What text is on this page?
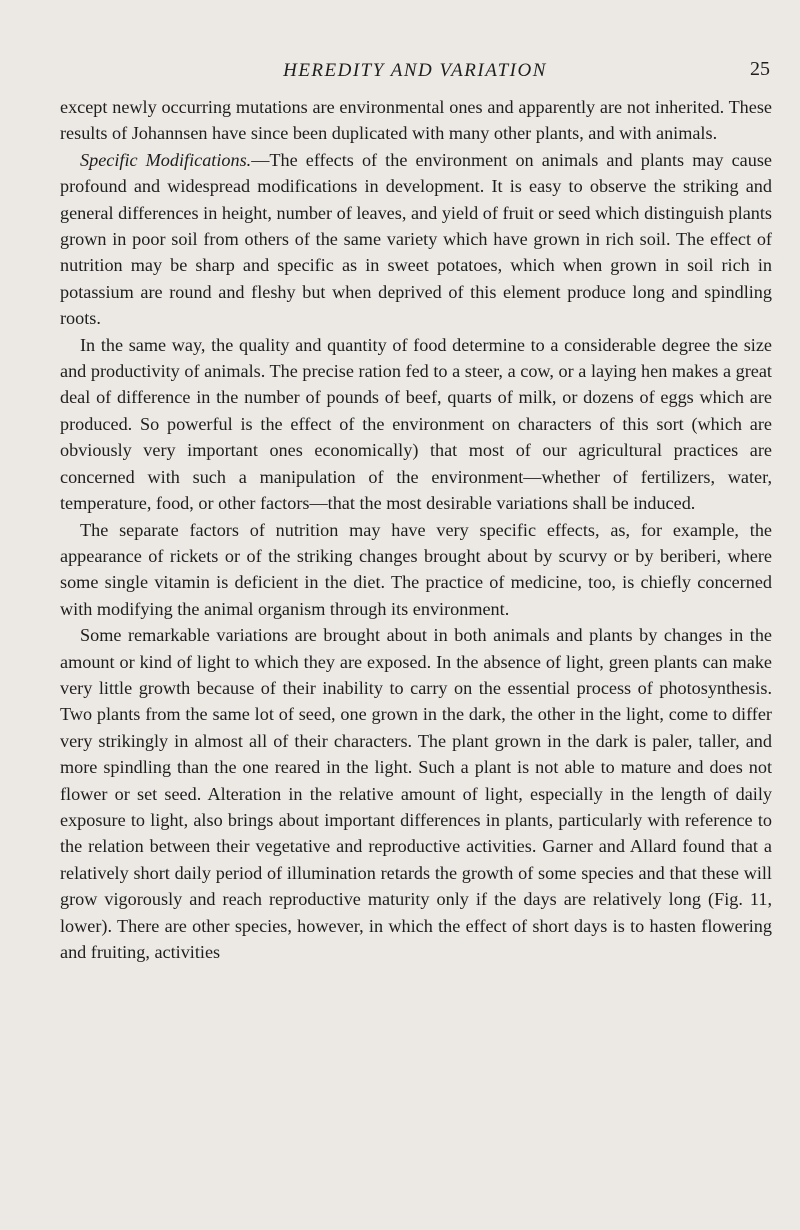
HEREDITY AND VARIATION	25

except newly occurring mutations are environmental ones and apparently are not inherited. These results of Johannsen have since been duplicated with many other plants, and with animals.

Specific Modifications.—The effects of the environment on animals and plants may cause profound and widespread modifications in development. It is easy to observe the striking and general differences in height, number of leaves, and yield of fruit or seed which distinguish plants grown in poor soil from others of the same variety which have grown in rich soil. The effect of nutrition may be sharp and specific as in sweet potatoes, which when grown in soil rich in potassium are round and fleshy but when deprived of this element produce long and spindling roots.

In the same way, the quality and quantity of food determine to a considerable degree the size and productivity of animals. The precise ration fed to a steer, a cow, or a laying hen makes a great deal of difference in the number of pounds of beef, quarts of milk, or dozens of eggs which are produced. So powerful is the effect of the environment on characters of this sort (which are obviously very important ones economically) that most of our agricultural practices are concerned with such a manipulation of the environment—whether of fertilizers, water, temperature, food, or other factors—that the most desirable variations shall be induced.

The separate factors of nutrition may have very specific effects, as, for example, the appearance of rickets or of the striking changes brought about by scurvy or by beriberi, where some single vitamin is deficient in the diet. The practice of medicine, too, is chiefly concerned with modifying the animal organism through its environment.

Some remarkable variations are brought about in both animals and plants by changes in the amount or kind of light to which they are exposed. In the absence of light, green plants can make very little growth because of their inability to carry on the essential process of photosynthesis. Two plants from the same lot of seed, one grown in the dark, the other in the light, come to differ very strikingly in almost all of their characters. The plant grown in the dark is paler, taller, and more spindling than the one reared in the light. Such a plant is not able to mature and does not flower or set seed. Alteration in the relative amount of light, especially in the length of daily exposure to light, also brings about important differences in plants, particularly with reference to the relation between their vegetative and reproductive activities. Garner and Allard found that a relatively short daily period of illumination retards the growth of some species and that these will grow vigorously and reach reproductive maturity only if the days are relatively long (Fig. 11, lower). There are other species, however, in which the effect of short days is to hasten flowering and fruiting, activities
